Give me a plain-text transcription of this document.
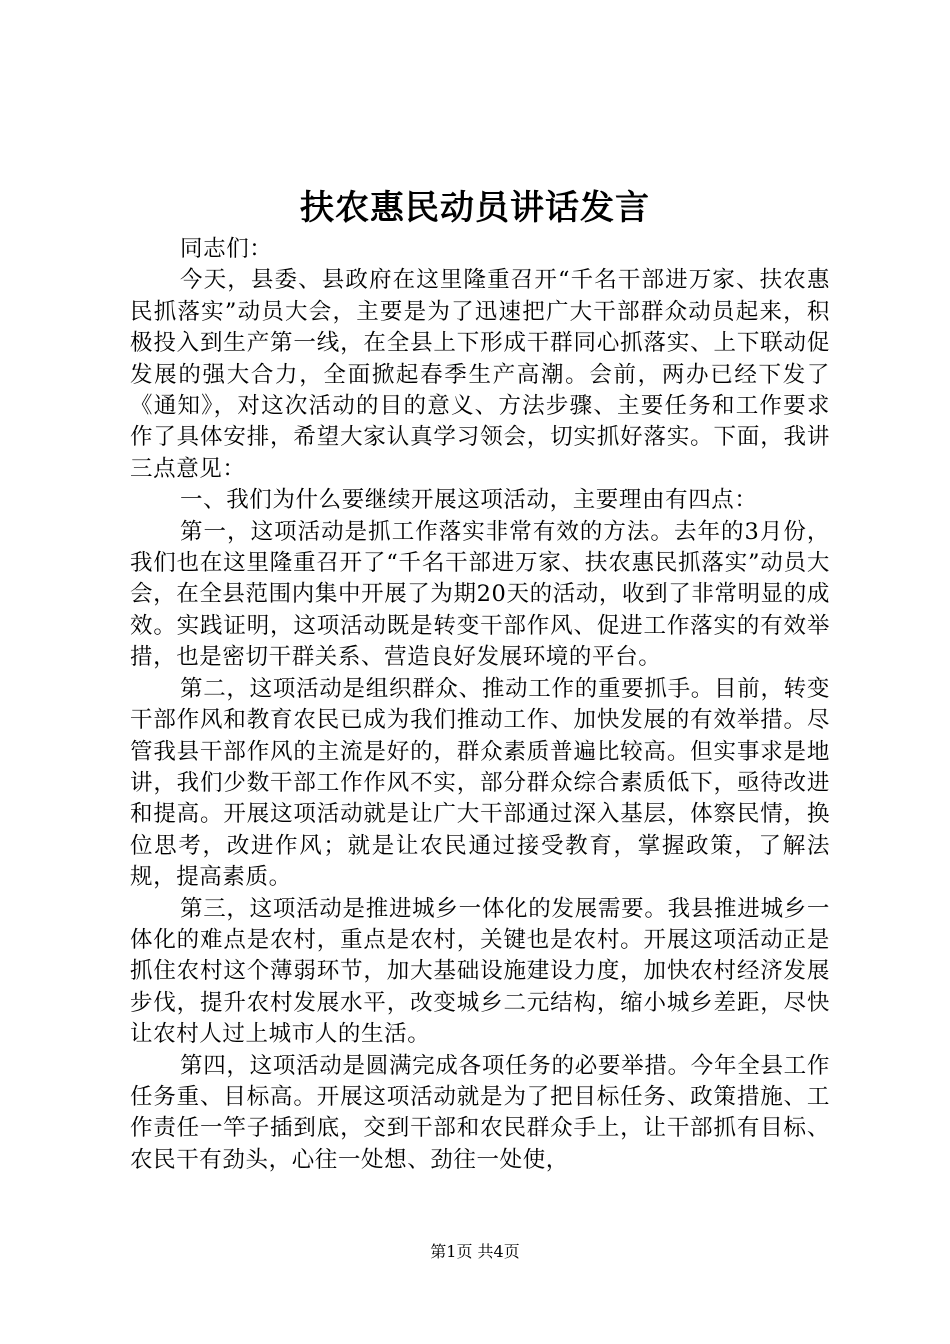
扶农惠民动员讲话发言

同志们：

今天，县委、县政府在这里隆重召开“千名干部进万家、扶农惠民抓落实”动员大会，主要是为了迅速把广大干部群众动员起来，积极投入到生产第一线，在全县上下形成干群同心抓落实、上下联动促发展的强大合力，全面掀起春季生产高潮。会前，两办已经下发了《通知》，对这次活动的目的意义、方法步骤、主要任务和工作要求作了具体安排，希望大家认真学习领会，切实抓好落实。下面，我讲三点意见：

一、我们为什么要继续开展这项活动，主要理由有四点：

第一，这项活动是抓工作落实非常有效的方法。去年的3月份，我们也在这里隆重召开了“千名干部进万家、扶农惠民抓落实”动员大会，在全县范围内集中开展了为期20天的活动，收到了非常明显的成效。实践证明，这项活动既是转变干部作风、促进工作落实的有效举措，也是密切干群关系、营造良好发展环境的平台。

第二，这项活动是组织群众、推动工作的重要抓手。目前，转变干部作风和教育农民已成为我们推动工作、加快发展的有效举措。尽管我县干部作风的主流是好的，群众素质普遍比较高。但实事求是地讲，我们少数干部工作作风不实，部分群众综合素质低下，亟待改进和提高。开展这项活动就是让广大干部通过深入基层，体察民情，换位思考，改进作风；就是让农民通过接受教育，掌握政策，了解法规，提高素质。

第三，这项活动是推进城乡一体化的发展需要。我县推进城乡一体化的难点是农村，重点是农村，关键也是农村。开展这项活动正是抓住农村这个薄弱环节，加大基础设施建设力度，加快农村经济发展步伐，提升农村发展水平，改变城乡二元结构，缩小城乡差距，尽快让农村人过上城市人的生活。

第四，这项活动是圆满完成各项任务的必要举措。今年全县工作任务重、目标高。开展这项活动就是为了把目标任务、政策措施、工作责任一竿子插到底，交到干部和农民群众手上，让干部抓有目标、农民干有劲头，心往一处想、劲往一处使，

第1页 共4页
